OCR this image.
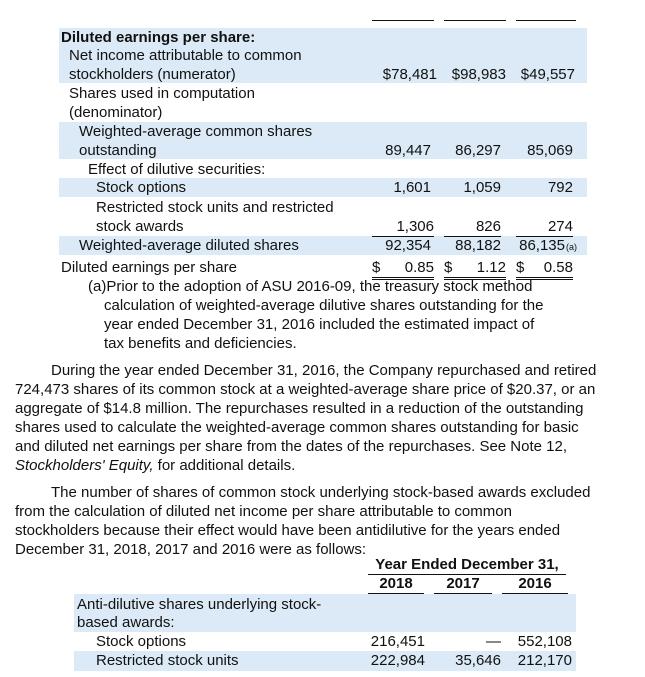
Diluted earnings per share:
Net income attributable to common
stockholders (numerator)	$78,481 $98,983 $49,557
Shares used in computation
(denominator)
Weighted-average common shares
outstanding	89,447 86,297 85,069
Effect of dilutive securities:
Stock options	1,601 1,059	792
Restricted stock units and restricted
stock awards	1,306	826	274
Weighted-average diluted shares	92,354 88,182 86,135 (a)
Diluted earnings per share	$ 0.85 $ 1.12 $ 0.58
(a)Prior to the adoption of ASU 2016-09, the treasury stock method
calculation of weighted-average dilutive shares outstanding for the
year ended December 31, 2016 included the estimated impact of
tax benefits and deficiencies.
During the year ended December 31, 2016, the Company repurchased and retired
724,473 shares of its common stock at a weighted-average share price of $20.37, or an
aggregate of $14.8 million. The repurchases resulted in a reduction of the outstanding
shares used to calculate the weighted-average common shares outstanding for basic
and diluted net earnings per share from the dates of the repurchases. See Note 12,
Stockholders' Equity, for additional details.
The number of shares of common stock underlying stock-based awards excluded
from the calculation of diluted net income per share attributable to common
stockholders because their effect would have been antidilutive for the years ended
December 31, 2018, 2017 and 2016 were as follows:
Year Ended December 31,
2018	2017	2016
Anti-dilutive shares underlying stock-
based awards:
Stock options	216,451	— 552,108
Restricted stock units	222,984 35,646 212,170
